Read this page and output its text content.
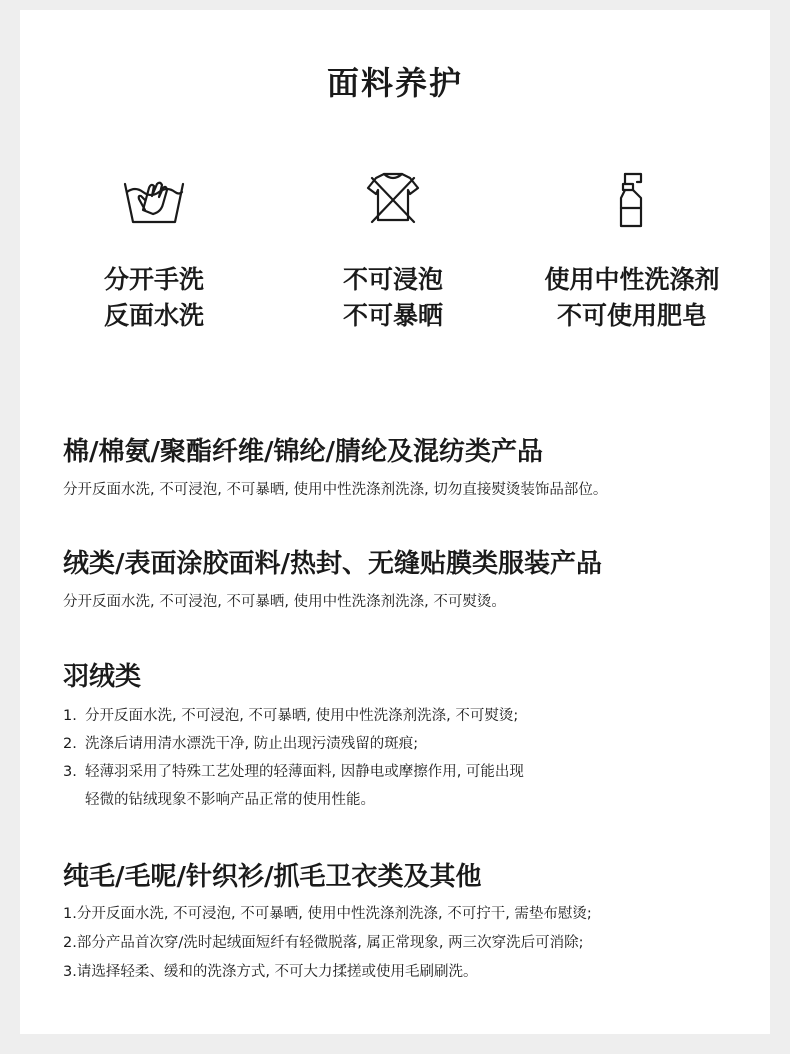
面料养护
分开手洗
反面水洗
不可浸泡
不可暴晒
使用中性洗涤剂
不可使用肥皂
棉/棉氨/聚酯纤维/锦纶/腈纶及混纺类产品
分开反面水洗, 不可浸泡, 不可暴晒, 使用中性洗涤剂洗涤, 切勿直接熨烫装饰品部位。
绒类/表面涂胶面料/热封、无缝贴膜类服装产品
分开反面水洗, 不可浸泡, 不可暴晒, 使用中性洗涤剂洗涤, 不可熨烫。
羽绒类
1. 分开反面水洗, 不可浸泡, 不可暴晒, 使用中性洗涤剂洗涤, 不可熨烫;
2. 洗涤后请用清水漂洗干净, 防止出现污渍残留的斑痕;
3. 轻薄羽采用了特殊工艺处理的轻薄面料, 因静电或摩擦作用, 可能出现
轻微的钻绒现象不影响产品正常的使用性能。
纯毛/毛呢/针织衫/抓毛卫衣类及其他
1.分开反面水洗, 不可浸泡, 不可暴晒, 使用中性洗涤剂洗涤, 不可拧干, 需垫布慰烫;
2.部分产品首次穿/洗时起绒面短纤有轻微脱落, 属正常现象, 两三次穿洗后可消除;
3.请选择轻柔、缓和的洗涤方式, 不可大力揉搓或使用毛刷刷洗。
